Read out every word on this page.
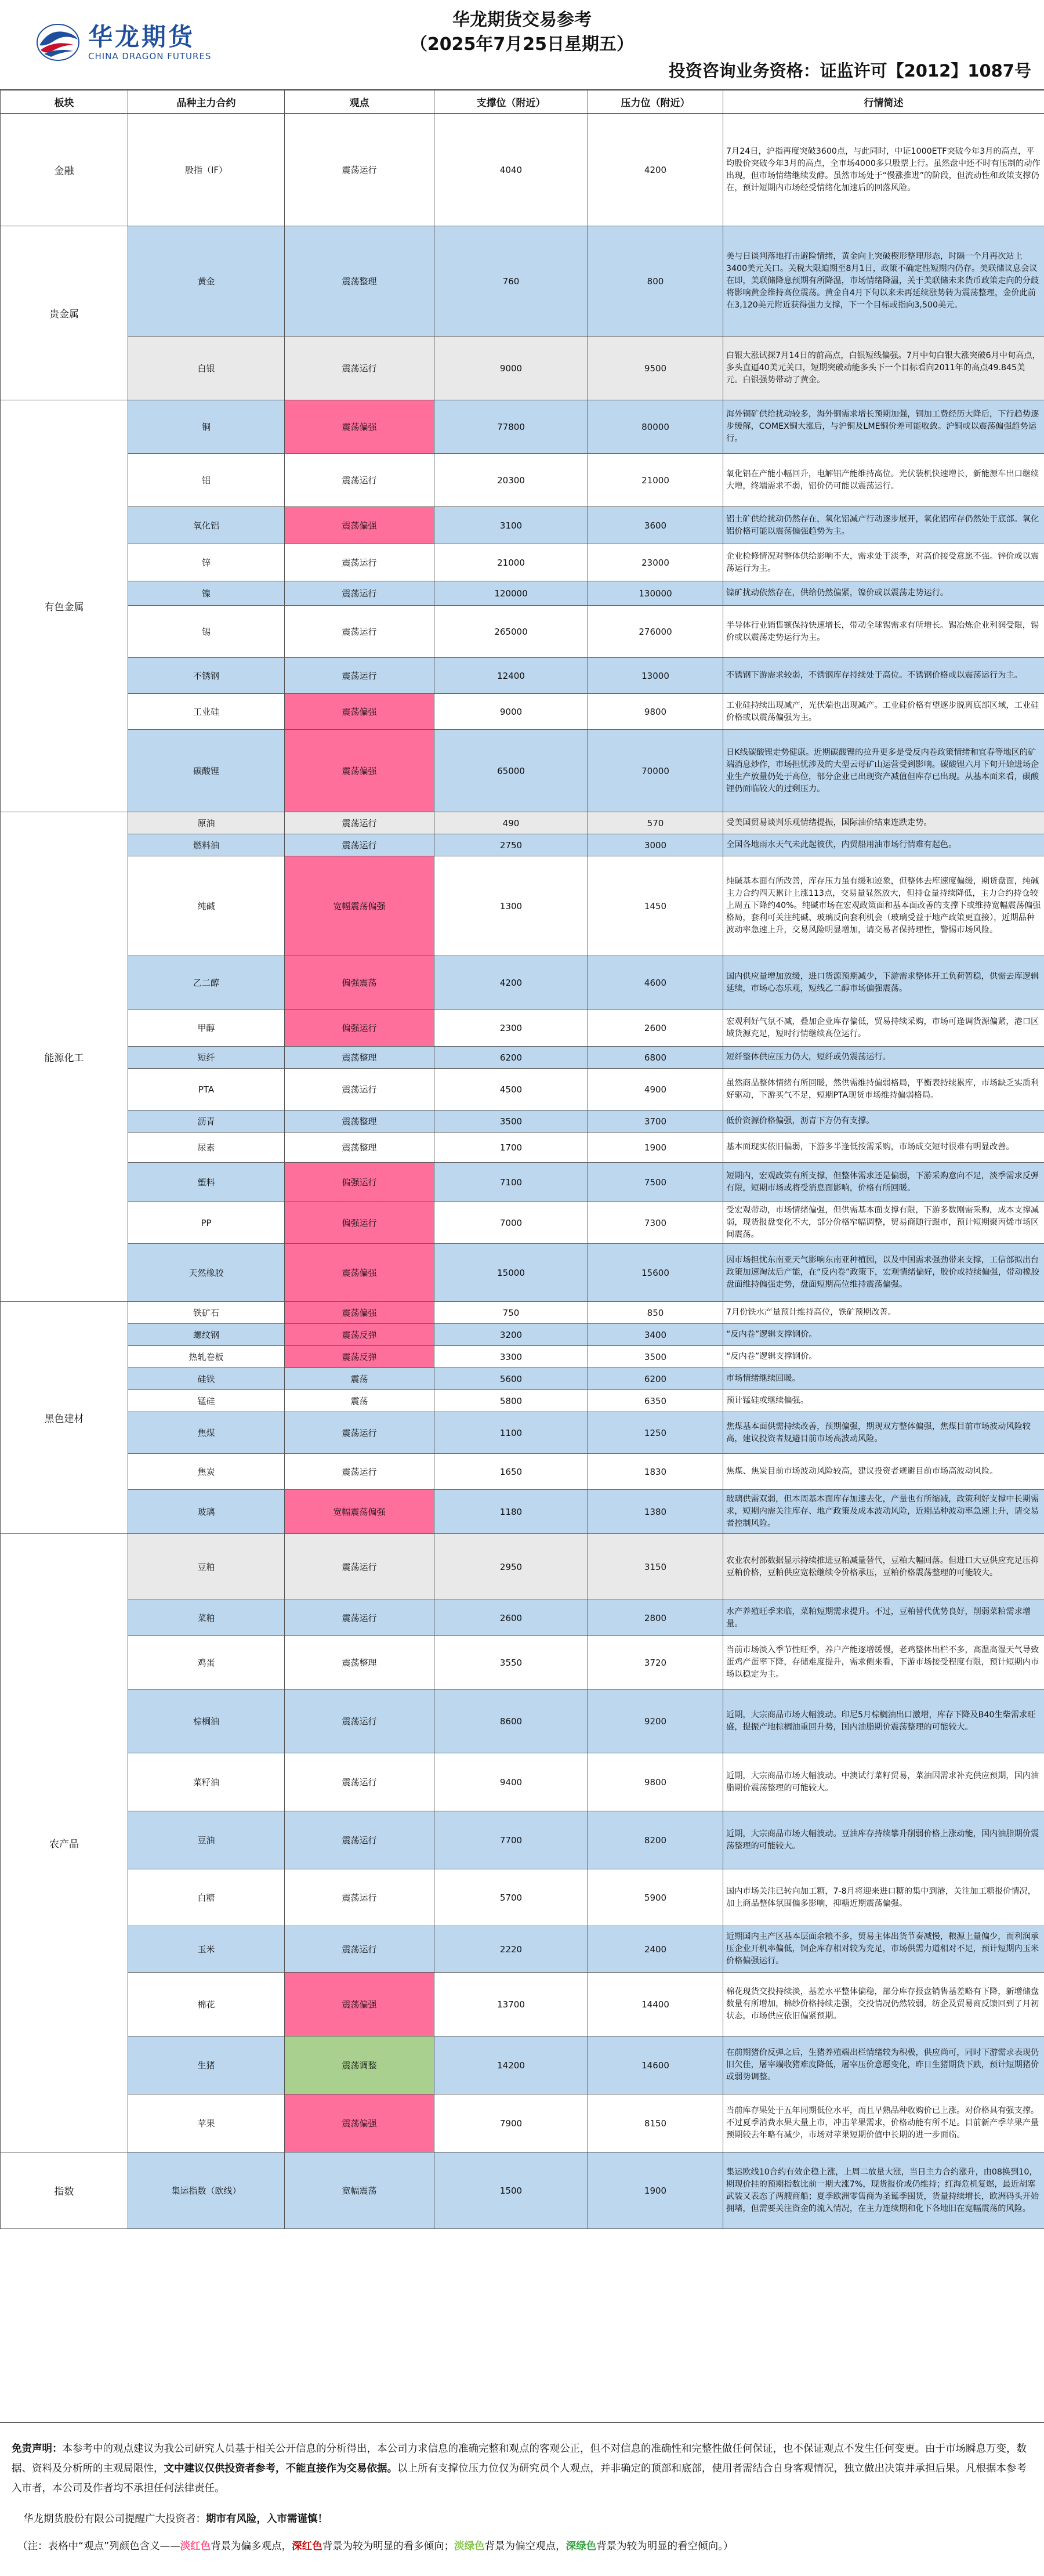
华龙期货
CHINA DRAGON FUTURES
华龙期货交易参考
（2025年7月25日星期五）
投资咨询业务资格：证监许可【2012】1087号
板块	品种主力合约	观点	支撑位（附近）	压力位（附近）	行情简述
金融	股指（IF）	震荡运行	4040	4200	7月24日，沪指再度突破3600点，与此同时，中证1000ETF突破今年3月的高点，平均股价突破今年3月的高点，全市场4000多只股票上行。虽然盘中还不时有压制的动作出现，但市场情绪继续发酵。虽然市场处于“慢涨推进”的阶段，但流动性和政策支撑仍在，预计短期内市场经受情绪化加速后的回落风险。
贵金属	黄金	震荡整理	760	800	美与日谈判落地打击避险情绪，黄金向上突破楔形整理形态，时隔一个月再次站上3400美元关口。关税大限迫期至8月1日，政策不确定性短期内仍存。美联储议息会议在即，美联储降息预期有所降温，市场情绪降温，关于美联储未来货币政策走向的分歧将影响黄金维持高位震荡。黄金自4月下旬以来未再延续涨势转为震荡整理，金价此前在3,120美元附近获得强力支撑，下一个目标或指向3,500美元。
	白银	震荡运行	9000	9500	白银大涨试探7月14日的前高点，白银短线偏强。7月中旬白银大涨突破6月中旬高点，多头直逼40美元关口，短期突破动能多头下一个目标看向2011年的高点49.845美元。白银强势带动了黄金。
有色金属	铜	震荡偏强	77800	80000	海外铜矿供给扰动较多，海外铜需求增长预期加强，铜加工费经历大降后，下行趋势逐步缓解，COMEX铜大涨后，与沪铜及LME铜价差可能收敛。沪铜或以震荡偏强趋势运行。
	铝	震荡运行	20300	21000	氧化铝在产能小幅回升，电解铝产能维持高位。光伏装机快速增长，新能源车出口继续大增，终端需求不弱，铝价仍可能以震荡运行。
	氧化铝	震荡偏强	3100	3600	铝土矿供给扰动仍然存在，氧化铝减产行动逐步展开，氧化铝库存仍然处于底部。氧化铝价格可能以震荡偏强趋势为主。
	锌	震荡运行	21000	23000	企业检修情况对整体供给影响不大，需求处于淡季，对高价接受意愿不强。锌价或以震荡运行为主。
	镍	震荡运行	120000	130000	镍矿扰动依然存在，供给仍然偏紧，镍价或以震荡走势运行。
	锡	震荡运行	265000	276000	半导体行业销售额保持快速增长，带动全球锡需求有所增长。锡冶炼企业利润受限，锡价或以震荡走势运行为主。
	不锈钢	震荡运行	12400	13000	不锈钢下游需求较弱，不锈钢库存持续处于高位。不锈钢价格或以震荡运行为主。
	工业硅	震荡偏强	9000	9800	工业硅持续出现减产，光伏端也出现减产。工业硅价格有望逐步脱离底部区域，工业硅价格或以震荡偏强为主。
	碳酸锂	震荡偏强	65000	70000	日K线碳酸锂走势健康。近期碳酸锂的拉升更多是受反内卷政策情绪和宜春等地区的矿端消息炒作，市场担忧涉及的大型云母矿山运营受到影响。碳酸锂六月下旬开始进场企业生产放量仍处于高位，部分企业已出现资产减值但库存已出现。从基本面来看，碳酸锂仍面临较大的过剩压力。
能源化工	原油	震荡运行	490	570	受美国贸易谈判乐观情绪提振，国际油价结束连跌走势。
	燃料油	震荡运行	2750	3000	全国各地雨水天气未此起彼伏，内贸船用油市场行情难有起色。
	纯碱	宽幅震荡偏强	1300	1450	纯碱基本面有所改善，库存压力虽有缓和迹象，但整体去库速度偏缓，期货盘面，纯碱主力合约四天累计上涨113点，交易量显然放大，但持仓量持续降低，主力合约持仓较上周五下降约40%。纯碱市场在宏观政策面和基本面改善的支撑下或维持宽幅震荡偏强格局，套利可关注纯碱、玻璃反向套利机会（玻璃受益于地产政策更直接），近期品种波动率急速上升，交易风险明显增加，请交易者保持理性，警惕市场风险。
	乙二醇	偏强震荡	4200	4600	国内供应量增加放缓，进口货源预期减少，下游需求整体开工负荷暂稳，供需去库逻辑延续，市场心态乐观，短线乙二醇市场偏强震荡。
	甲醇	偏强运行	2300	2600	宏观利好气氛不减，叠加企业库存偏低，贸易持续采购，市场可逢调货源偏紧，港口区域货源充足，短时行情继续高位运行。
	短纤	震荡整理	6200	6800	短纤整体供应压力仍大，短纤或仍震荡运行。
	PTA	震荡运行	4500	4900	虽然商品整体情绪有所回暖，然供需维持偏弱格局，平衡表持续累库，市场缺乏实质利好驱动，下游买气不足，短期PTA现货市场维持偏弱格局。
	沥青	震荡整理	3500	3700	低价资源价格偏强，沥青下方仍有支撑。
	尿素	震荡整理	1700	1900	基本面现实依旧偏弱，下游多半逢低按需采购，市场成交短时很难有明显改善。
	塑料	偏强运行	7100	7500	短期内，宏观政策有所支撑，但整体需求还是偏弱，下游采购意向不足，淡季需求反弹有限，短期市场或将受消息面影响，价格有所回暖。
	PP	偏强运行	7000	7300	受宏观带动，市场情绪偏强，但供需基本面支撑有限，下游多数刚需采购，成本支撑减弱，现货报盘变化不大，部分价格窄幅调整，贸易商随行跟市，预计短期聚丙烯市场区间震荡。
	天然橡胶	震荡偏强	15000	15600	因市场担忧东南亚天气影响东南亚种植园，以及中国需求强劲带来支撑，工信部拟出台政策加速淘汰后产能，在“反内卷”政策下，宏观情绪偏好，胶价或持续偏强，带动橡胶盘面维持偏强走势，盘面短期高位维持震荡偏强。
黑色建材	铁矿石	震荡偏强	750	850	7月份铁水产量预计维持高位，铁矿预期改善。
	螺纹钢	震荡反弹	3200	3400	“反内卷”逻辑支撑钢价。
	热轧卷板	震荡反弹	3300	3500	“反内卷”逻辑支撑钢价。
	硅铁	震荡	5600	6200	市场情绪继续回暖。
	锰硅	震荡	5800	6350	预计锰硅或继续偏强。
	焦煤	震荡运行	1100	1250	焦煤基本面供需持续改善，预期偏强，期现双方整体偏强，焦煤目前市场波动风险较高，建议投资者规避目前市场高波动风险。
	焦炭	震荡运行	1650	1830	焦煤、焦炭目前市场波动风险较高，建议投资者规避目前市场高波动风险。
	玻璃	宽幅震荡偏强	1180	1380	玻璃供需双弱，但本周基本面库存加速去化，产量也有所缩减，政策利好支撑中长期需求，短期内需关注库存、地产政策及成本波动风险，近期品种波动率急速上升，请交易者控制风险。
农产品	豆粕	震荡运行	2950	3150	农业农村部数据显示持续推进豆粕减量替代，豆粕大幅回落。但进口大豆供应充足压抑豆粕价格，豆粕供应宽松继续令价格承压，豆粕价格震荡整理的可能较大。
	菜粕	震荡运行	2600	2800	水产养殖旺季来临，菜粕短期需求提升。不过，豆粕替代优势良好，削弱菜粕需求增量。
	鸡蛋	震荡整理	3550	3720	当前市场淡入季节性旺季，养户产能逐增缓慢，老鸡整体出栏不多，高温高湿天气导致蛋鸡产蛋率下降，存储难度提升，需求侧来看，下游市场接受程度有限，预计短期内市场以稳定为主。
	棕榈油	震荡运行	8600	9200	近期，大宗商品市场大幅波动。印尼5月棕榈油出口激增，库存下降及B40生柴需求旺盛，提振产地棕榈油重回升势，国内油脂期价震荡整理的可能较大。
	菜籽油	震荡运行	9400	9800	近期，大宗商品市场大幅波动。中澳试行菜籽贸易，菜油因需求补充供应预期，国内油脂期价震荡整理的可能较大。
	豆油	震荡运行	7700	8200	近期，大宗商品市场大幅波动。豆油库存持续攀升削弱价格上涨动能，国内油脂期价震荡整理的可能较大。
	白糖	震荡运行	5700	5900	国内市场关注已转向加工糖，7-8月将迎来进口糖的集中到港，关注加工糖报价情况，加上商品整体氛围偏多影响，抑糖近期震荡偏强。
	玉米	震荡运行	2220	2400	近期国内主产区基本层面余粮不多，贸易主体出货节奏减慢，粮源上量偏少，而利润承压企业开机率偏低，饲企库存相对较为充足，市场供需力道相对不足，预计短期内玉米价格偏强运行。
	棉花	震荡偏强	13700	14400	棉花现货交投持续淡，基差水平整体偏稳，部分库存报盘销售基差略有下降，新增储盘数量有所增加，棉纱价格持续走强，交投情况仍然较弱，纺企及贸易商反馈回到了月初状态，市场供应依旧偏紧预期。
	生猪	震荡调整	14200	14600	在前期猪价反弹之后，生猪养殖端出栏情绪较为积极，供应尚可，同时下游需求表现仍旧欠佳，屠宰端收猪难度降低，屠宰压价意愿变化，昨日生猪期货下跌，预计短期猪价或弱势调整。
	苹果	震荡偏强	7900	8150	当前库存果处于五年同期低位水平，而且早熟品种收购价已上涨。对价格具有强支撑。不过夏季消费水果大量上市，冲击苹果需求，价格动能有所不足。目前新产季苹果产量预期较去年略有减少，市场对苹果短期价值中长期的进一步面临。
指数	集运指数（欧线）	宽幅震荡	1500	1900	集运欧线10合约有效企稳上涨，上周二放量大涨，当日主力合约涨升，由08换到10，期现价挂的预期指数比前一期大涨7%，现货报价或仍维持；红海危机复燃，最近胡塞武装又表态了两艘商船；夏季欧洲零售商为圣诞季囤货，货量持续增长，欧洲码头开始拥堵，但需要关注资金的流入情况，在主力连续期和化下各地旧在宽幅震荡的风险。
免责声明：本参考中的观点建议为我公司研究人员基于相关公开信息的分析得出，本公司力求信息的准确完整和观点的客观公正，但不对信息的准确性和完整性做任何保证，也不保证观点不发生任何变更。由于市场瞬息万变，数据、资料及分析所的主观局限性，文中建议仅供投资者参考，不能直接作为交易依据。以上所有支撑位压力位仅为研究员个人观点，并非确定的顶部和底部，使用者需结合自身客观情况，独立做出决策并承担后果。凡根据本参考入市者，本公司及作者均不承担任何法律责任。
华龙期货股份有限公司提醒广大投资者：期市有风险，入市需谨慎！
（注：表格中“观点”列颜色含义——淡红色背景为偏多观点，深红色背景为较为明显的看多倾向；淡绿色背景为偏空观点，深绿色背景为较为明显的看空倾向。）
